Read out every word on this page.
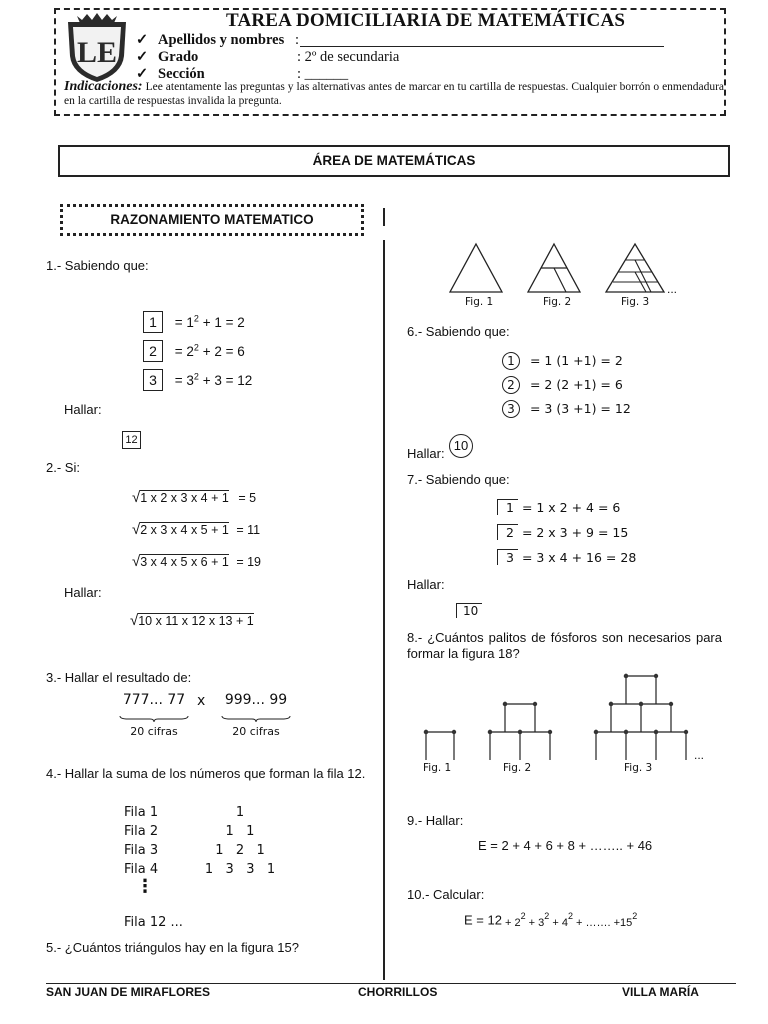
LE
TAREA DOMICILIARIA DE MATEMÁTICAS
✓ Apellidos y nombres :
✓ Grado	: 2º de secundaria
✓ Sección	: ______
Indicaciones: Lee atentamente las preguntas y las alternativas antes de marcar en tu cartilla de respuestas. Cualquier borrón o enmendadura en la cartilla de respuestas invalida la pregunta.
ÁREA DE MATEMÁTICAS
RAZONAMIENTO MATEMATICO
1.- Sabiendo que:
$1 = 1^2 + 1 = 2$
$2 = 2^2 + 2 = 6$
$3 = 3^2 + 3 = 12$
Hallar:
12
2.- Si:
√1 x 2 x 3 x 4 + 1 = 5
√2 x 3 x 4 x 5 + 1 = 11
√3 x 4 x 5 x 6 + 1 = 19
Hallar:
√10 x 11 x 12 x 13 + 1
3.- Hallar el resultado de:
777... 77
20 cifras
x	999... 99
20 cifras
4.- Hallar la suma de los números que forman la fila 12.
Fila 1	1
Fila 2	1   1
Fila 3	1   2   1
Fila 4	1   3   3   1
⋮
Fila 12 ...
5.- ¿Cuántos triángulos hay en la figura 15?
Fig. 1	Fig. 2	Fig. 3
...
6.- Sabiendo que:
1 = 1 (1 +1) = 2
2 = 2 (2 +1) = 6
3 = 3 (3 +1) = 12
Hallar:
10
7.- Sabiendo que:
1 = 1 x 2 + 4 = 6
2 = 2 x 3 + 9 = 15
3 = 3 x 4 + 16 = 28
Hallar:
10
8.- ¿Cuántos palitos de fósforos son necesarios para formar la figura 18?
Fig. 1	Fig. 2	Fig. 3
...
9.- Hallar:
E = 2 + 4 + 6 + 8 + …….. + 46
10.- Calcular:
$E = 12 + 2^2 + 3^2 + 4^2$ + ……. $+15^2$
SAN JUAN DE MIRAFLORES	CHORRILLOS	VILLA MARÍA
